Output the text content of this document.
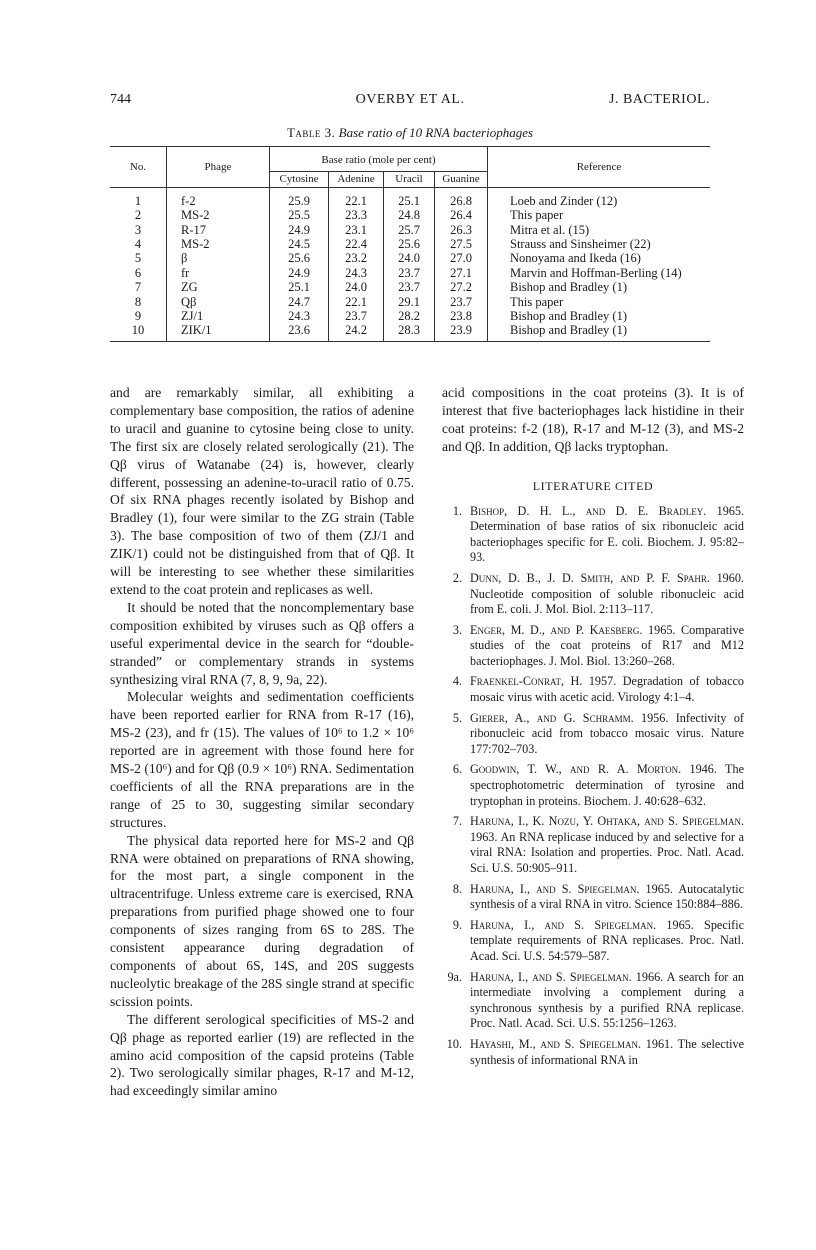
744	OVERBY ET AL.	J. BACTERIOL.
Table 3. Base ratio of 10 RNA bacteriophages
No.	Phage	Base ratio (mole per cent)				Reference
		Cytosine	Adenine	Uracil	Guanine	

1	f-2	25.9	22.1	25.1	26.8	Loeb and Zinder (12)
2	MS-2	25.5	23.3	24.8	26.4	This paper
3	R-17	24.9	23.1	25.7	26.3	Mitra et al. (15)
4	MS-2	24.5	22.4	25.6	27.5	Strauss and Sinsheimer (22)
5	β	25.6	23.2	24.0	27.0	Nonoyama and Ikeda (16)
6	fr	24.9	24.3	23.7	27.1	Marvin and Hoffman-Berling (14)
7	ZG	25.1	24.0	23.7	27.2	Bishop and Bradley (1)
8	Qβ	24.7	22.1	29.1	23.7	This paper
9	ZJ/1	24.3	23.7	28.2	23.8	Bishop and Bradley (1)
10	ZIK/1	23.6	24.2	28.3	23.9	Bishop and Bradley (1)

and are remarkably similar, all exhibiting a complementary base composition, the ratios of adenine to uracil and guanine to cytosine being close to unity. The first six are closely related serologically (21). The Qβ virus of Watanabe (24) is, however, clearly different, possessing an adenine-to-uracil ratio of 0.75. Of six RNA phages recently isolated by Bishop and Bradley (1), four were similar to the ZG strain (Table 3). The base composition of two of them (ZJ/1 and ZIK/1) could not be distinguished from that of Qβ. It will be interesting to see whether these similarities extend to the coat protein and replicases as well.

It should be noted that the noncomplementary base composition exhibited by viruses such as Qβ offers a useful experimental device in the search for “double-stranded” or complementary strands in systems synthesizing viral RNA (7, 8, 9, 9a, 22).

Molecular weights and sedimentation coefficients have been reported earlier for RNA from R-17 (16), MS-2 (23), and fr (15). The values of 10⁶ to 1.2 × 10⁶ reported are in agreement with those found here for MS-2 (10⁶) and for Qβ (0.9 × 10⁶) RNA. Sedimentation coefficients of all the RNA preparations are in the range of 25 to 30, suggesting similar secondary structures.

The physical data reported here for MS-2 and Qβ RNA were obtained on preparations of RNA showing, for the most part, a single component in the ultracentrifuge. Unless extreme care is exercised, RNA preparations from purified phage showed one to four components of sizes ranging from 6S to 28S. The consistent appearance during degradation of components of about 6S, 14S, and 20S suggests nucleolytic breakage of the 28S single strand at specific scission points.

The different serological specificities of MS-2 and Qβ phage as reported earlier (19) are reflected in the amino acid composition of the capsid proteins (Table 2). Two serologically similar phages, R-17 and M-12, had exceedingly similar amino

acid compositions in the coat proteins (3). It is of interest that five bacteriophages lack histidine in their coat proteins: f-2 (18), R-17 and M-12 (3), and MS-2 and Qβ. In addition, Qβ lacks tryptophan.

LITERATURE CITED
1. Bishop, D. H. L., and D. E. Bradley. 1965. Determination of base ratios of six ribonucleic acid bacteriophages specific for E. coli. Biochem. J. 95:82–93.
2. Dunn, D. B., J. D. Smith, and P. F. Spahr. 1960. Nucleotide composition of soluble ribonucleic acid from E. coli. J. Mol. Biol. 2:113–117.
3. Enger, M. D., and P. Kaesberg. 1965. Comparative studies of the coat proteins of R17 and M12 bacteriophages. J. Mol. Biol. 13:260–268.
4. Fraenkel-Conrat, H. 1957. Degradation of tobacco mosaic virus with acetic acid. Virology 4:1–4.
5. Gierer, A., and G. Schramm. 1956. Infectivity of ribonucleic acid from tobacco mosaic virus. Nature 177:702–703.
6. Goodwin, T. W., and R. A. Morton. 1946. The spectrophotometric determination of tyrosine and tryptophan in proteins. Biochem. J. 40:628–632.
7. Haruna, I., K. Nozu, Y. Ohtaka, and S. Spiegelman. 1963. An RNA replicase induced by and selective for a viral RNA: Isolation and properties. Proc. Natl. Acad. Sci. U.S. 50:905–911.
8. Haruna, I., and S. Spiegelman. 1965. Autocatalytic synthesis of a viral RNA in vitro. Science 150:884–886.
9. Haruna, I., and S. Spiegelman. 1965. Specific template requirements of RNA replicases. Proc. Natl. Acad. Sci. U.S. 54:579–587.
9a. Haruna, I., and S. Spiegelman. 1966. A search for an intermediate involving a complement during a synchronous synthesis by a purified RNA replicase. Proc. Natl. Acad. Sci. U.S. 55:1256–1263.
10. Hayashi, M., and S. Spiegelman. 1961. The selective synthesis of informational RNA in
